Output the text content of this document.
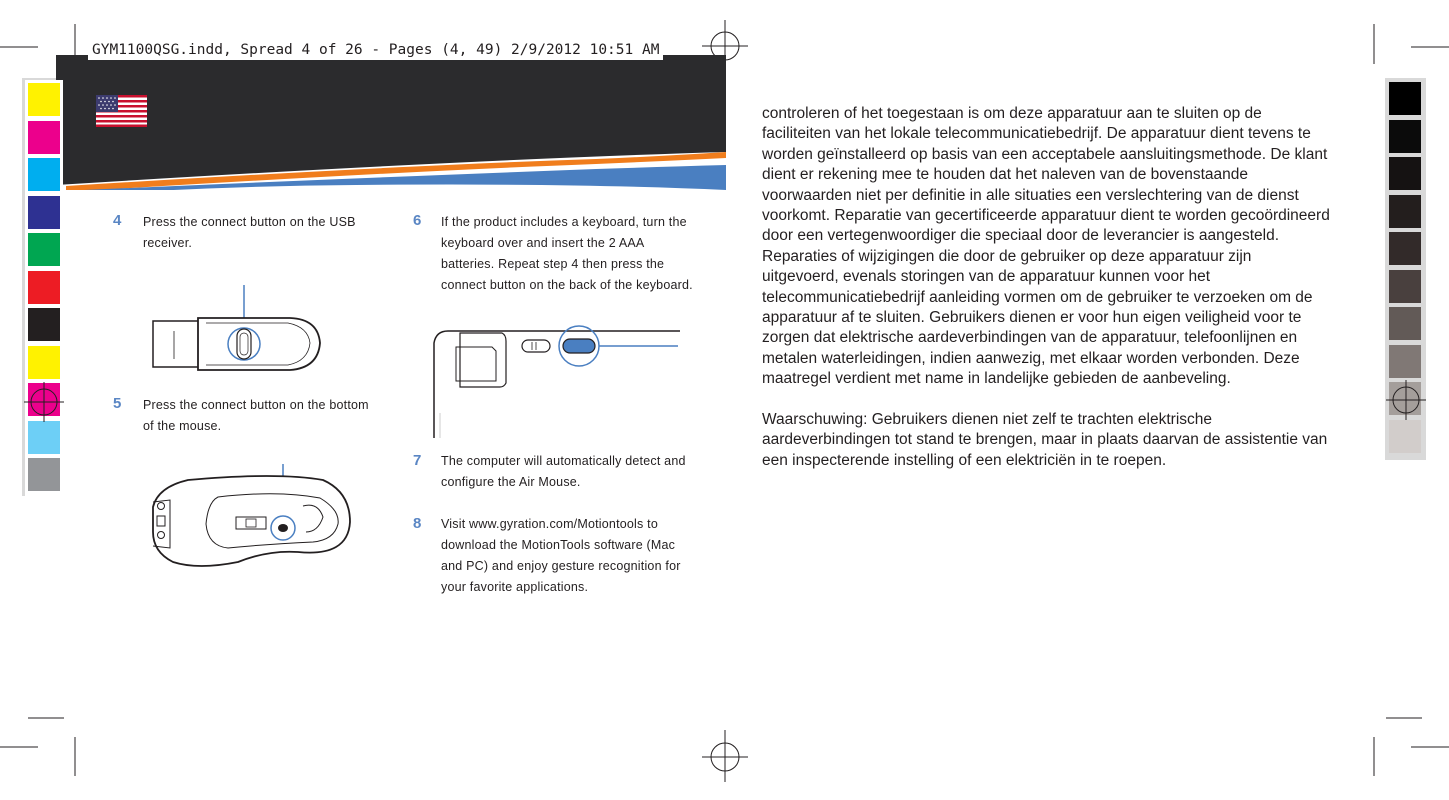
GYM1100QSG.indd, Spread 4 of 26 - Pages (4, 49) 2/9/2012 10:51 AM
4	Press the connect button on the USB receiver.
5	Press the connect button on the bottom of the mouse.
6	If the product includes a keyboard, turn the keyboard over and insert the 2 AAA batteries. Repeat step 4 then press the connect button on the back of the keyboard.
7	The computer will automatically detect and configure the Air Mouse.
8	Visit www.gyration.com/Motiontools to download the MotionTools software (Mac and PC) and enjoy gesture recognition for your favorite applications.

controleren of het toegestaan is om deze apparatuur aan te sluiten op de faciliteiten van het lokale telecommunicatiebedrijf. De apparatuur dient tevens te worden geïnstalleerd op basis van een acceptabele aansluitingsmethode. De klant dient er rekening mee te houden dat het naleven van de bovenstaande voorwaarden niet per definitie in alle situaties een verslechtering van de dienst voorkomt. Reparatie van gecertificeerde apparatuur dient te worden gecoördineerd door een vertegenwoordiger die speciaal door de leverancier is aangesteld. Reparaties of wijzigingen die door de gebruiker op deze apparatuur zijn uitgevoerd, evenals storingen van de apparatuur kunnen voor het telecommunicatiebedrijf aanleiding vormen om de gebruiker te verzoeken om de apparatuur af te sluiten. Gebruikers dienen er voor hun eigen veiligheid voor te zorgen dat elektrische aardeverbindingen van de apparatuur, telefoonlijnen en metalen waterleidingen, indien aanwezig, met elkaar worden verbonden. Deze maatregel verdient met name in landelijke gebieden de aanbeveling.

Waarschuwing: Gebruikers dienen niet zelf te trachten elektrische aardeverbindingen tot stand te brengen, maar in plaats daarvan de assistentie van een inspecterende instelling of een elektriciën in te roepen.
